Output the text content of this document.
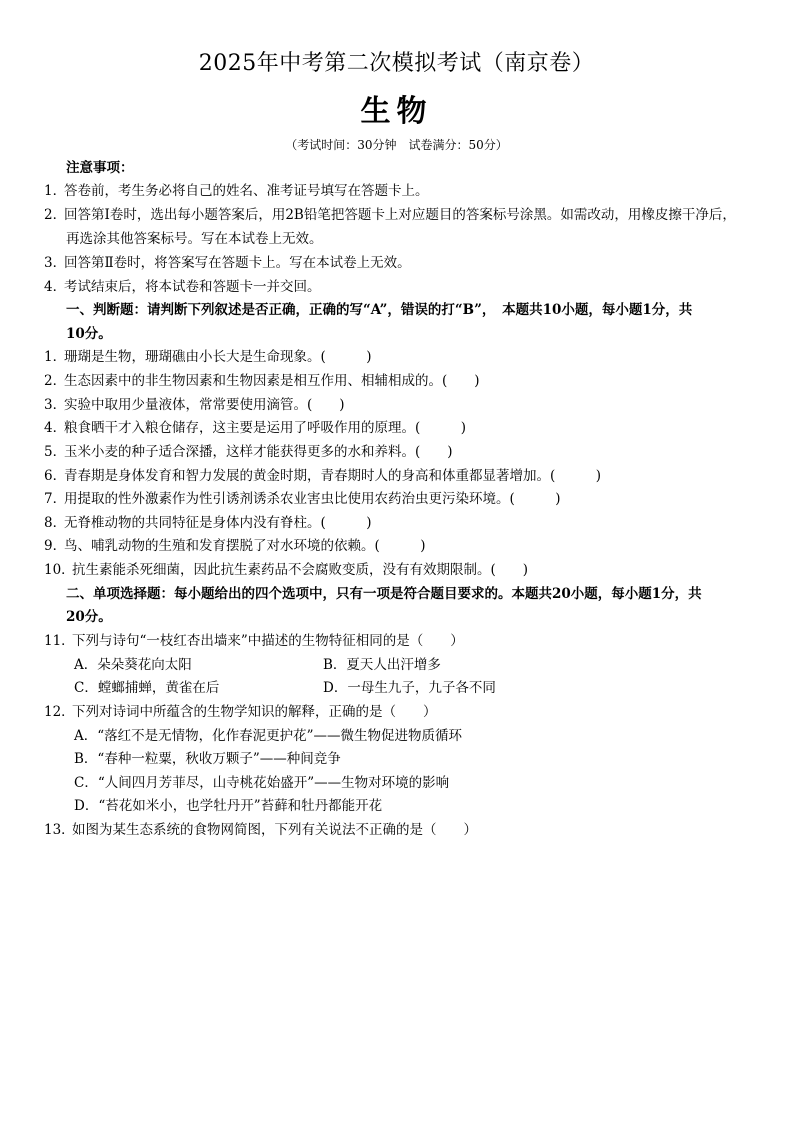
2025年中考第二次模拟考试（南京卷）
生物
（考试时间：30分钟　试卷满分：50分）
注意事项：
1．答卷前，考生务必将自己的姓名、准考证号填写在答题卡上。
2．回答第Ⅰ卷时，选出每小题答案后，用2B铅笔把答题卡上对应题目的答案标号涂黑。如需改动，用橡皮擦干净后，
再选涂其他答案标号。写在本试卷上无效。
3．回答第Ⅱ卷时，将答案写在答题卡上。写在本试卷上无效。
4．考试结束后，将本试卷和答题卡一并交回。
一、判断题：请判断下列叙述是否正确，正确的写“A”，错误的打“B”，　本题共10小题，每小题1分，共
10分。
1．珊瑚是生物，珊瑚礁由小长大是生命现象。(　　　)
2．生态因素中的非生物因素和生物因素是相互作用、相辅相成的。(　　)
3．实验中取用少量液体，常常要使用滴管。(　　)
4．粮食晒干才入粮仓储存，这主要是运用了呼吸作用的原理。(　　　)
5．玉米小麦的种子适合深播，这样才能获得更多的水和养料。(　　)
6．青春期是身体发育和智力发展的黄金时期，青春期时人的身高和体重都显著增加。(　　　)
7．用提取的性外激素作为性引诱剂诱杀农业害虫比使用农药治虫更污染环境。(　　　)
8．无脊椎动物的共同特征是身体内没有脊柱。(　　　)
9．鸟、哺乳动物的生殖和发育摆脱了对水环境的依赖。(　　　)
10．抗生素能杀死细菌，因此抗生素药品不会腐败变质，没有有效期限制。(　　)
二、单项选择题：每小题给出的四个选项中，只有一项是符合题目要求的。本题共20小题，每小题1分，共
20分。
11．下列与诗句“一枝红杏出墙来”中描述的生物特征相同的是（　　）
A．朵朵葵花向太阳	B．夏天人出汗增多
C．螳螂捕蝉，黄雀在后	D．一母生九子，九子各不同
12．下列对诗词中所蕴含的生物学知识的解释，正确的是（　　）
A．“落红不是无情物，化作春泥更护花”——微生物促进物质循环
B．“春种一粒粟，秋收万颗子”——种间竞争
C．“人间四月芳菲尽，山寺桃花始盛开”——生物对环境的影响
D．“苔花如米小，也学牡丹开”苔藓和牡丹都能开花
13．如图为某生态系统的食物网简图，下列有关说法不正确的是（　　）
